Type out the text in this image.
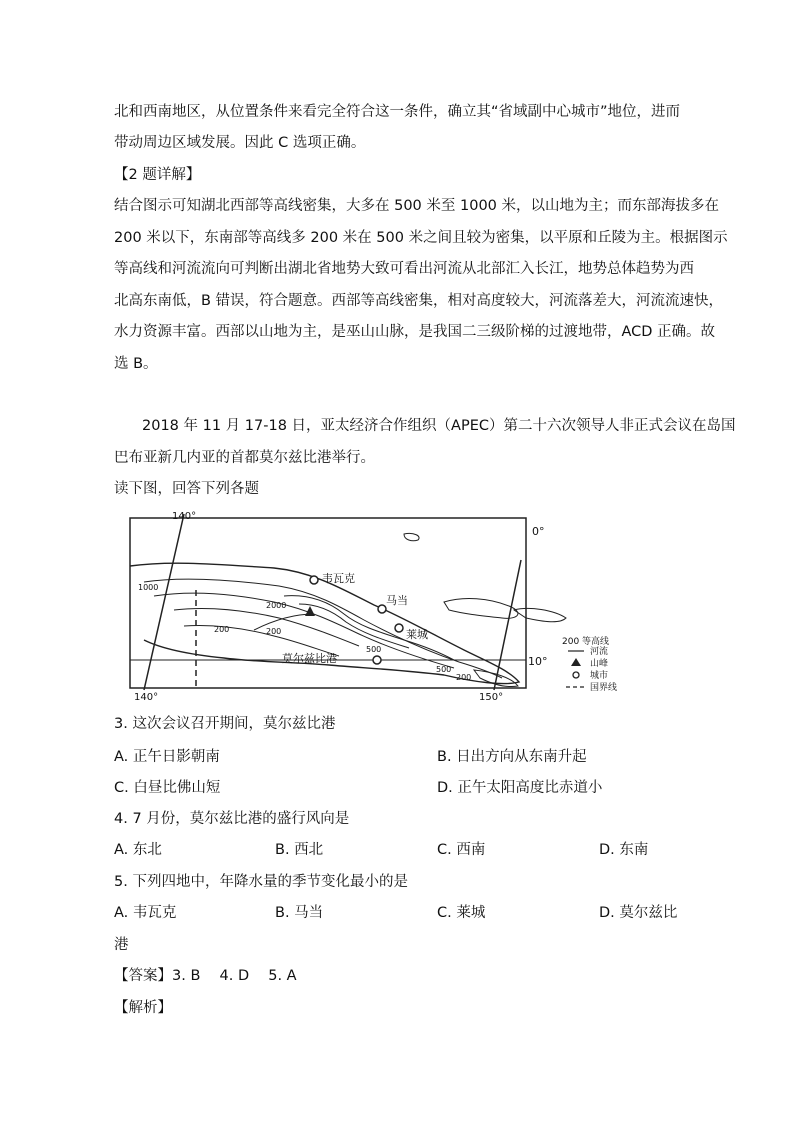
北和西南地区，从位置条件来看完全符合这一条件，确立其“省域副中心城市”地位，进而
带动周边区域发展。因此 C 选项正确。
【2 题详解】
结合图示可知湖北西部等高线密集，大多在 500 米至 1000 米，以山地为主；而东部海拔多在
200 米以下，东南部等高线多 200 米在 500 米之间且较为密集，以平原和丘陵为主。根据图示
等高线和河流流向可判断出湖北省地势大致可看出河流从北部汇入长江，地势总体趋势为西
北高东南低，B 错误，符合题意。西部等高线密集，相对高度较大，河流落差大，河流流速快，
水力资源丰富。西部以山地为主，是巫山山脉，是我国二三级阶梯的过渡地带，ACD 正确。故
选 B。
2018 年 11 月 17-18 日，亚太经济合作组织（APEC）第二十六次领导人非正式会议在岛国
巴布亚新几内亚的首都莫尔兹比港举行。
读下图，回答下列各题
140°
0°
10°
140°	150°
1000
2000
200	200
500
500
200
韦瓦克
马当
莱城
莫尔兹比港
200 等高线
河流
山峰
城市
国界线
3. 这次会议召开期间，莫尔兹比港
A. 正午日影朝南	B. 日出方向从东南升起
C. 白昼比佛山短	D. 正午太阳高度比赤道小
4. 7 月份，莫尔兹比港的盛行风向是
A. 东北	B. 西北	C. 西南	D. 东南
5. 下列四地中，年降水量的季节变化最小的是
A. 韦瓦克	B. 马当	C. 莱城	D. 莫尔兹比
港
【答案】3. B　 4. D　 5. A
【解析】
